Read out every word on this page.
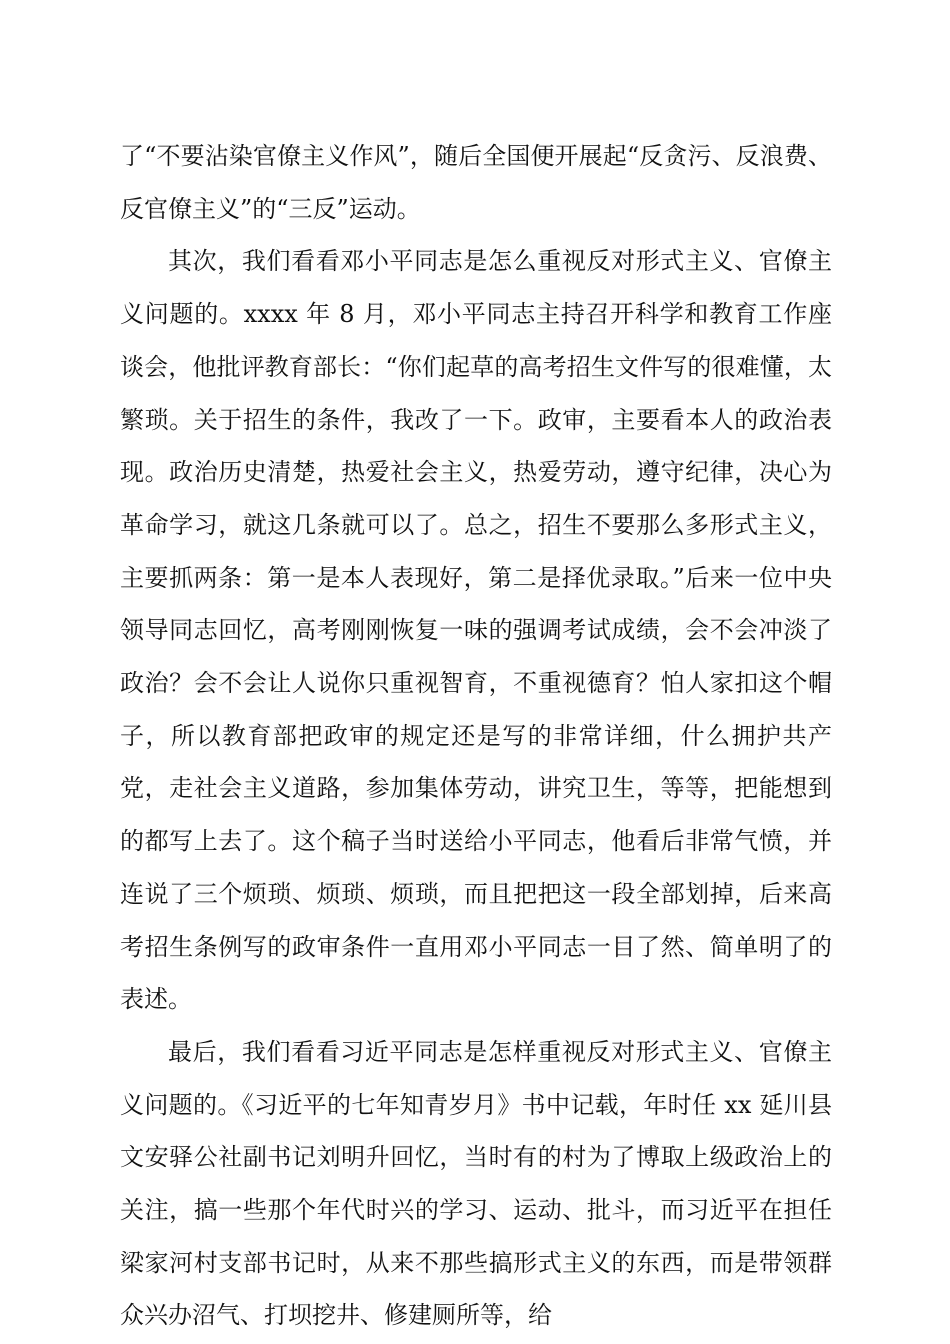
了“不要沾染官僚主义作风”，随后全国便开展起“反贪污、反浪费、反官僚主义”的“三反”运动。

其次，我们看看邓小平同志是怎么重视反对形式主义、官僚主义问题的。xxxx 年 8 月，邓小平同志主持召开科学和教育工作座谈会，他批评教育部长：“你们起草的高考招生文件写的很难懂，太繁琐。关于招生的条件，我改了一下。政审，主要看本人的政治表现。政治历史清楚，热爱社会主义，热爱劳动，遵守纪律，决心为革命学习，就这几条就可以了。总之，招生不要那么多形式主义，主要抓两条：第一是本人表现好，第二是择优录取。”后来一位中央领导同志回忆，高考刚刚恢复一味的强调考试成绩，会不会冲淡了政治？会不会让人说你只重视智育，不重视德育？怕人家扣这个帽子，所以教育部把政审的规定还是写的非常详细，什么拥护共产党，走社会主义道路，参加集体劳动，讲究卫生，等等，把能想到的都写上去了。这个稿子当时送给小平同志，他看后非常气愤，并连说了三个烦琐、烦琐、烦琐，而且把把这一段全部划掉，后来高考招生条例写的政审条件一直用邓小平同志一目了然、简单明了的表述。

最后，我们看看习近平同志是怎样重视反对形式主义、官僚主义问题的。《习近平的七年知青岁月》书中记载，年时任 xx 延川县文安驿公社副书记刘明升回忆，当时有的村为了博取上级政治上的关注，搞一些那个年代时兴的学习、运动、批斗，而习近平在担任梁家河村支部书记时，从来不那些搞形式主义的东西，而是带领群众兴办沼气、打坝挖井、修建厕所等，给
